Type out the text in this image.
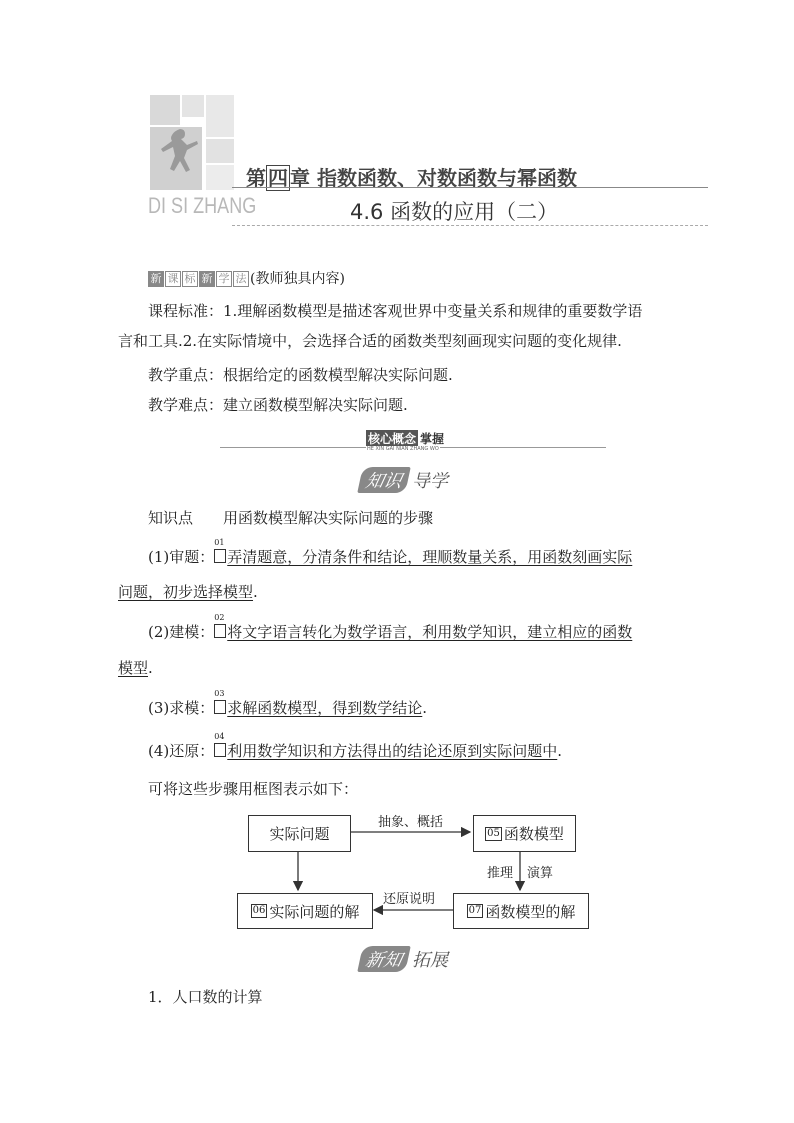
DI SI ZHANG
第 四 章 指数函数、对数函数与幂函数
4.6 函数的应用（二）
新 课 标 新 学 法 (教师独具内容)
课程标准：1.理解函数模型是描述客观世界中变量关系和规律的重要数学语
言和工具.2.在实际情境中，会选择合适的函数类型刻画现实问题的变化规律.
教学重点：根据给定的函数模型解决实际问题.
教学难点：建立函数模型解决实际问题.
核心概念 掌握
HE XIN GAI NIAN ZHANG WO
知识 导学
知识点 用函数模型解决实际问题的步骤
(1)审题：
01
弄清题意，分清条件和结论，理顺数量关系，用函数刻画实际
问题，初步选择模型.
(2)建模：
02
将文字语言转化为数学语言，利用数学知识，建立相应的函数
模型.
(3)求模：
03
求解函数模型，得到数学结论.
(4)还原：
04
利用数学知识和方法得出的结论还原到实际问题中.
可将这些步骤用框图表示如下：
实际问题	05 函数模型
06 实际问题的解	07 函数模型的解
抽象、概括
推理 演算
还原说明
新知 拓展
1．人口数的计算
